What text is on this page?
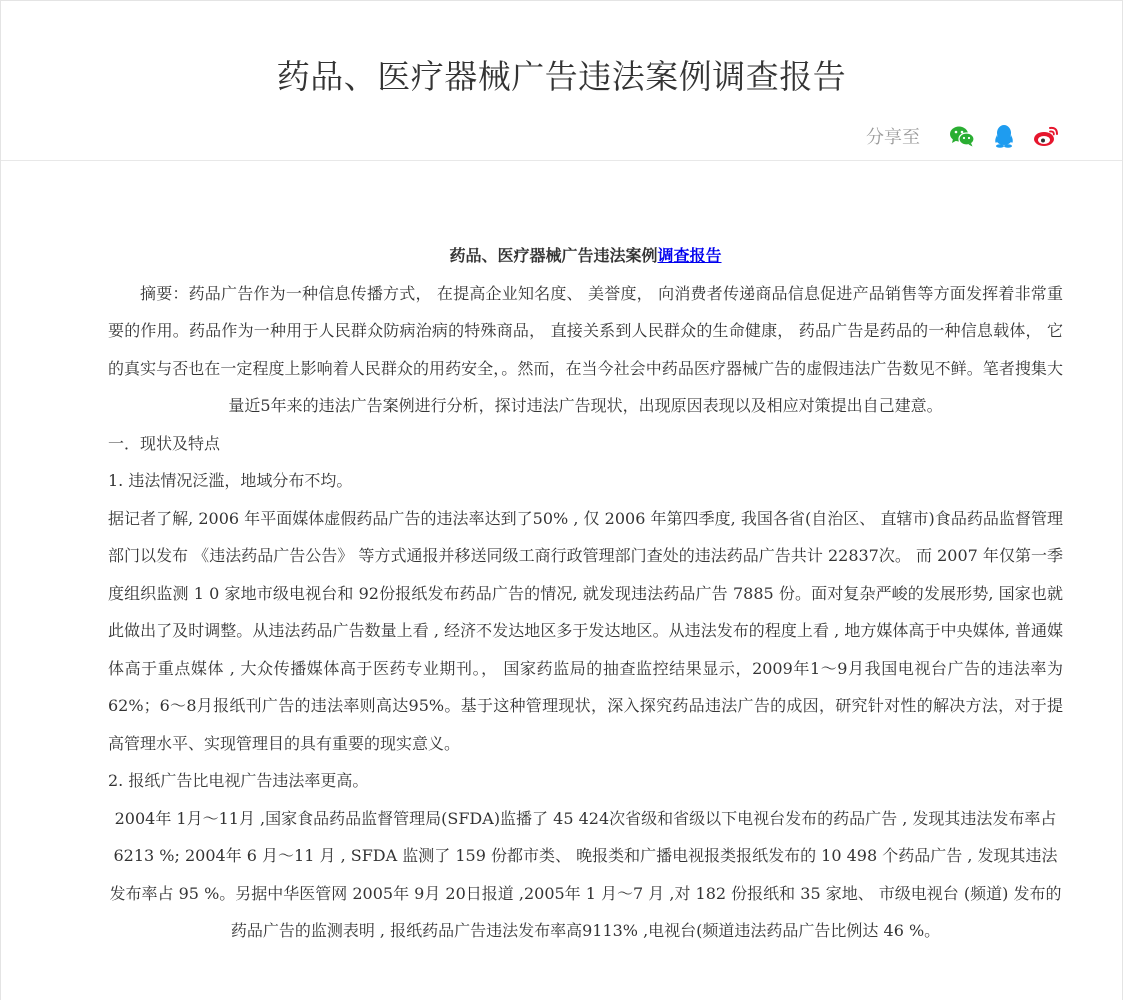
药品、医疗器械广告违法案例调查报告
分享至

药品、医疗器械广告违法案例调查报告

摘要：药品广告作为一种信息传播方式， 在提高企业知名度、 美誉度， 向消费者传递商品信息促进产品销售等方面发挥着非常重要的作用。药品作为一种用于人民群众防病治病的特殊商品， 直接关系到人民群众的生命健康， 药品广告是药品的一种信息载体， 它的真实与否也在一定程度上影响着人民群众的用药安全，。然而，在当今社会中药品医疗器械广告的虚假违法广告数见不鲜。笔者搜集大量近5年来的违法广告案例进行分析，探讨违法广告现状，出现原因表现以及相应对策提出自己建意。

一．现状及特点

1. 违法情况泛滥，地域分布不均。

据记者了解, 2006 年平面媒体虚假药品广告的违法率达到了50% , 仅 2006 年第四季度, 我国各省(自治区、 直辖市)食品药品监督管理部门以发布 《违法药品广告公告》 等方式通报并移送同级工商行政管理部门查处的违法药品广告共计 22837次。 而 2007 年仅第一季度组织监测 1 0 家地市级电视台和 92份报纸发布药品广告的情况, 就发现违法药品广告 7885 份。面对复杂严峻的发展形势, 国家也就此做出了及时调整。从违法药品广告数量上看 , 经济不发达地区多于发达地区。从违法发布的程度上看 , 地方媒体高于中央媒体, 普通媒体高于重点媒体 , 大众传播媒体高于医药专业期刊。， 国家药监局的抽查监控结果显示，2009年1～9月我国电视台广告的违法率为62%；6～8月报纸刊广告的违法率则高达95%。基于这种管理现状，深入探究药品违法广告的成因，研究针对性的解决方法，对于提高管理水平、实现管理目的具有重要的现实意义。

2. 报纸广告比电视广告违法率更高。

2004年 1月～11月 ,国家食品药品监督管理局(SFDA)监播了 45 424次省级和省级以下电视台发布的药品广告 , 发现其违法发布率占6213 %; 2004年 6 月～11 月 , SFDA 监测了 159 份都市类、 晚报类和广播电视报类报纸发布的 10 498 个药品广告 , 发现其违法发布率占 95 %。另据中华医管网 2005年 9月 20日报道 ,2005年 1 月～7 月 ,对 182 份报纸和 35 家地、 市级电视台 (频道) 发布的药品广告的监测表明 , 报纸药品广告违法发布率高9113% ,电视台(频道违法药品广告比例达 46 %。
